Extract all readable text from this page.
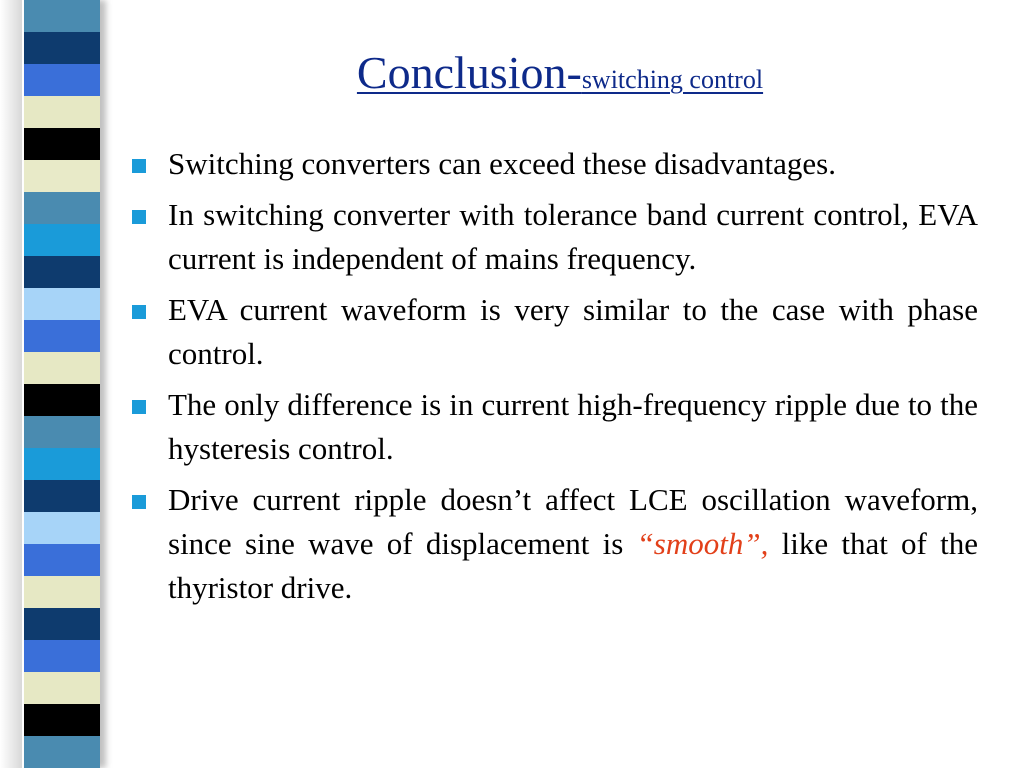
Conclusion-switching control
Switching converters can exceed these disadvantages.
In switching converter with tolerance band current control, EVA current is independent of mains frequency.
EVA current waveform is very similar to the case with phase control.
The only difference is in current high-frequency ripple due to the hysteresis control.
Drive current ripple doesn’t affect LCE oscillation waveform, since sine wave of displacement is “smooth”, like that of the thyristor drive.
